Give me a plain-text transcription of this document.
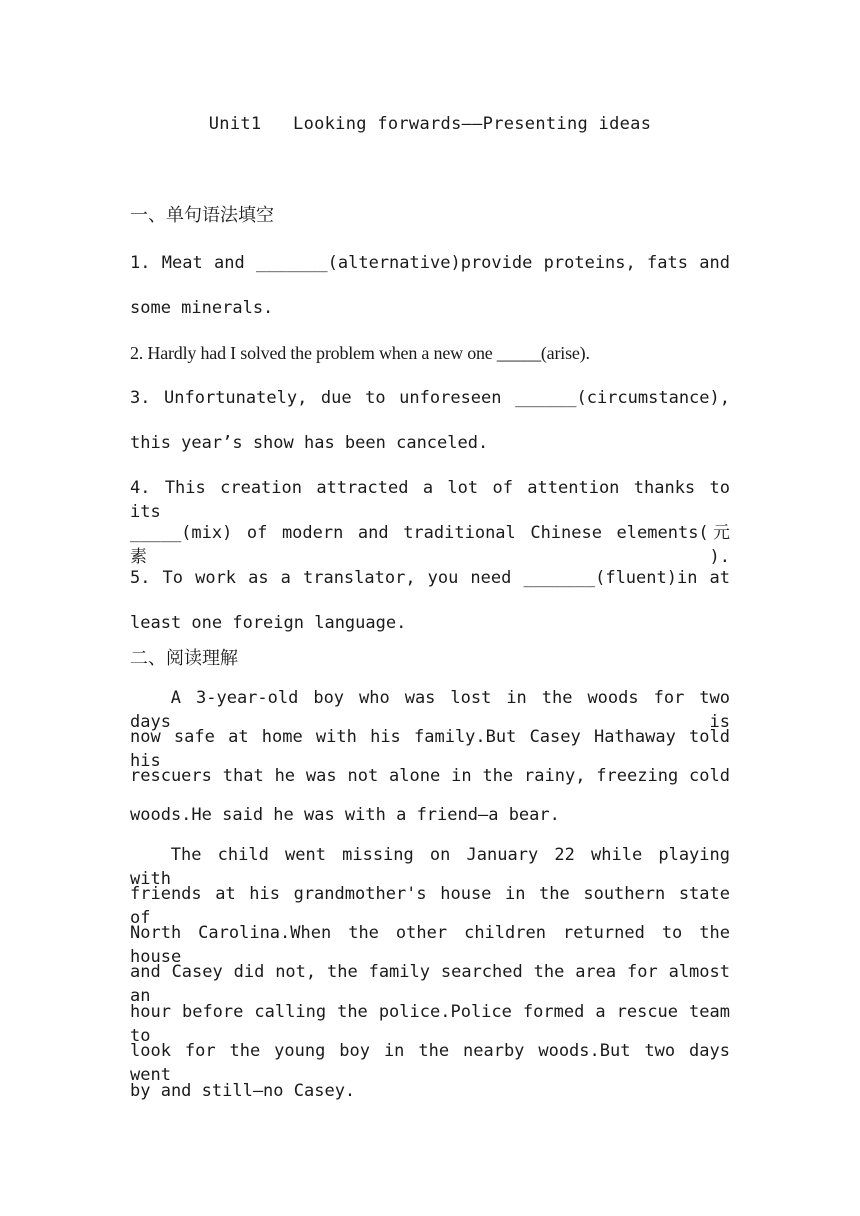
Unit1   Looking forwards——Presenting ideas
一、单句语法填空
1. Meat and _______(alternative)provide proteins, fats and
some minerals.
2. Hardly had I solved the problem when a new one _____(arise).
3. Unfortunately, due to unforeseen ______(circumstance),
this year’s show has been canceled.
4. This creation attracted a lot of attention thanks to its
_____(mix) of modern and traditional Chinese elements(元素).
5. To work as a translator, you need _______(fluent)in at
least one foreign language.
二、阅读理解
A 3-year-old boy who was lost in the woods for two days is
now safe at home with his family.But Casey Hathaway told his
rescuers that he was not alone in the rainy, freezing cold
woods.He said he was with a friend—a bear.
The child went missing on January 22 while playing with
friends at his grandmother's house in the southern state of
North Carolina.When the other children returned to the house
and Casey did not, the family searched the area for almost an
hour before calling the police.Police formed a rescue team to
look for the young boy in the nearby woods.But two days went
by and still—no Casey.
